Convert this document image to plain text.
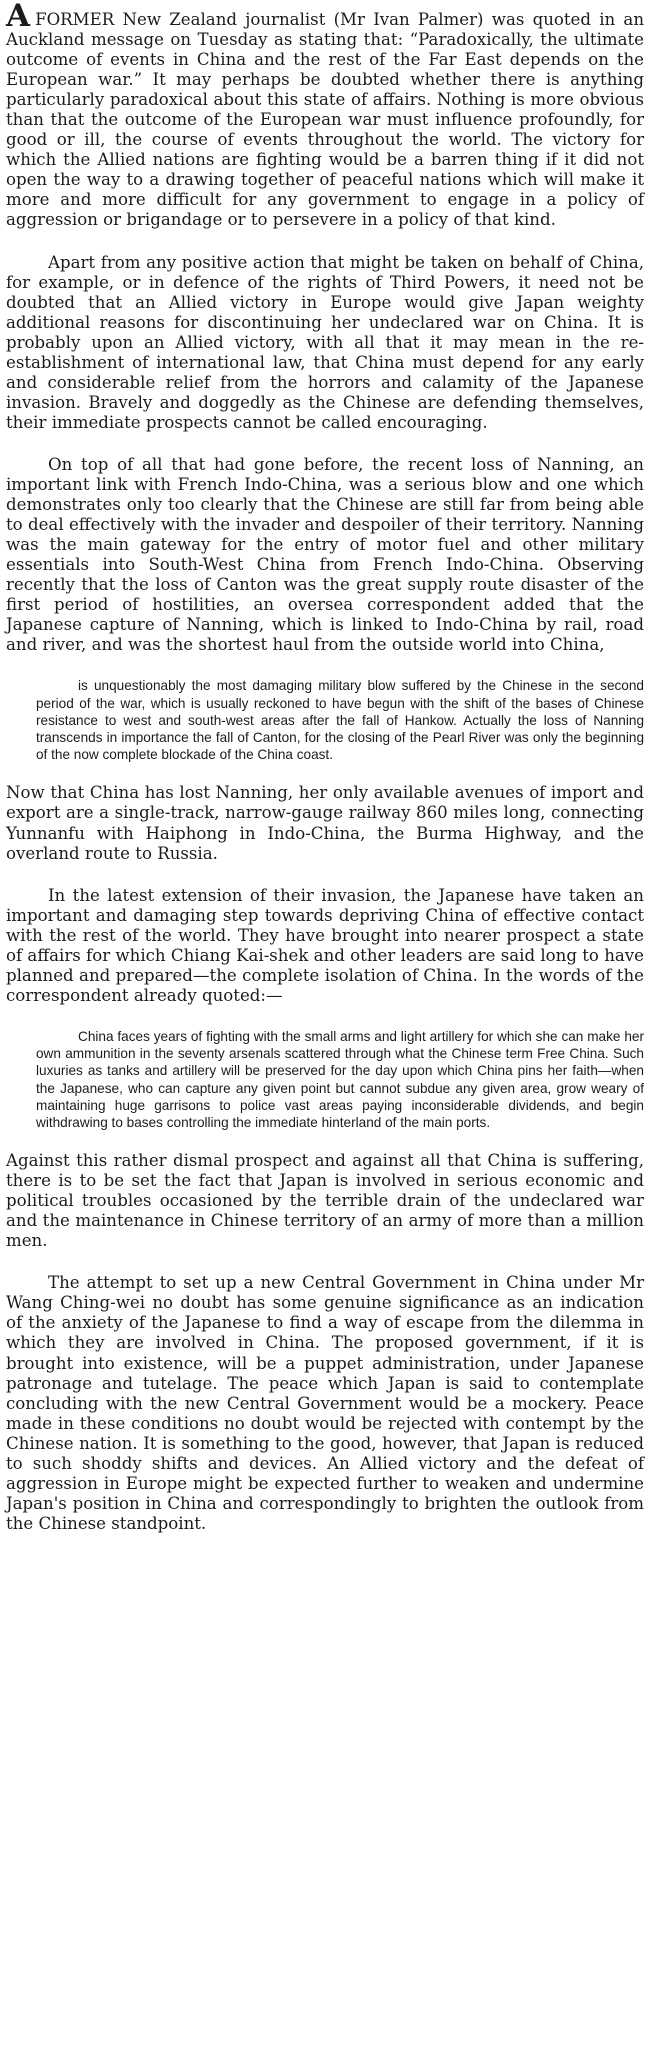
AFORMER New Zealand journalist (Mr Ivan Palmer) was quoted in an Auckland message on Tuesday as stating that: “Paradoxically, the ultimate outcome of events in China and the rest of the Far East depends on the European war.” It may perhaps be doubted whether there is anything particularly paradoxical about this state of affairs. Nothing is more obvious than that the outcome of the European war must influence profoundly, for good or ill, the course of events throughout the world. The victory for which the Allied nations are fighting would be a barren thing if it did not open the way to a drawing together of peaceful nations which will make it more and more difficult for any government to engage in a policy of aggression or brigandage or to persevere in a policy of that kind.

Apart from any positive action that might be taken on behalf of China, for example, or in defence of the rights of Third Powers, it need not be doubted that an Allied victory in Europe would give Japan weighty additional reasons for discontinuing her undeclared war on China. It is probably upon an Allied victory, with all that it may mean in the re-establishment of international law, that China must depend for any early and considerable relief from the horrors and calamity of the Japanese invasion. Bravely and doggedly as the Chinese are defending themselves, their immediate prospects cannot be called encouraging.

On top of all that had gone before, the recent loss of Nanning, an important link with French Indo-China, was a serious blow and one which demonstrates only too clearly that the Chinese are still far from being able to deal effectively with the invader and despoiler of their territory. Nanning was the main gateway for the entry of motor fuel and other military essentials into South-West China from French Indo-China. Observing recently that the loss of Canton was the great supply route disaster of the first period of hostilities, an oversea correspondent added that the Japanese capture of Nanning, which is linked to Indo-China by rail, road and river, and was the shortest haul from the outside world into China,

is unquestionably the most damaging military blow suffered by the Chinese in the second period of the war, which is usually reckoned to have begun with the shift of the bases of Chinese resistance to west and south-west areas after the fall of Hankow. Actually the loss of Nanning transcends in importance the fall of Canton, for the closing of the Pearl River was only the beginning of the now complete blockade of the China coast.

Now that China has lost Nanning, her only available avenues of import and export are a single-track, narrow-gauge railway 860 miles long, connecting Yunnanfu with Haiphong in Indo-China, the Burma Highway, and the overland route to Russia.

In the latest extension of their invasion, the Japanese have taken an important and damaging step towards depriving China of effective contact with the rest of the world. They have brought into nearer prospect a state of affairs for which Chiang Kai-shek and other leaders are said long to have planned and prepared—the complete isolation of China. In the words of the correspondent already quoted:—

China faces years of fighting with the small arms and light artillery for which she can make her own ammunition in the seventy arsenals scattered through what the Chinese term Free China. Such luxuries as tanks and artillery will be preserved for the day upon which China pins her faith—when the Japanese, who can capture any given point but cannot subdue any given area, grow weary of maintaining huge garrisons to police vast areas paying inconsiderable dividends, and begin withdrawing to bases controlling the immediate hinterland of the main ports.

Against this rather dismal prospect and against all that China is suffering, there is to be set the fact that Japan is involved in serious economic and political troubles occasioned by the terrible drain of the undeclared war and the maintenance in Chinese territory of an army of more than a million men.

The attempt to set up a new Central Government in China under Mr Wang Ching-wei no doubt has some genuine significance as an indication of the anxiety of the Japanese to find a way of escape from the dilemma in which they are involved in China. The proposed government, if it is brought into existence, will be a puppet administration, under Japanese patronage and tutelage. The peace which Japan is said to contemplate concluding with the new Central Government would be a mockery. Peace made in these conditions no doubt would be rejected with contempt by the Chinese nation. It is something to the good, however, that Japan is reduced to such shoddy shifts and devices. An Allied victory and the defeat of aggression in Europe might be expected further to weaken and undermine Japan's position in China and correspondingly to brighten the outlook from the Chinese standpoint.
